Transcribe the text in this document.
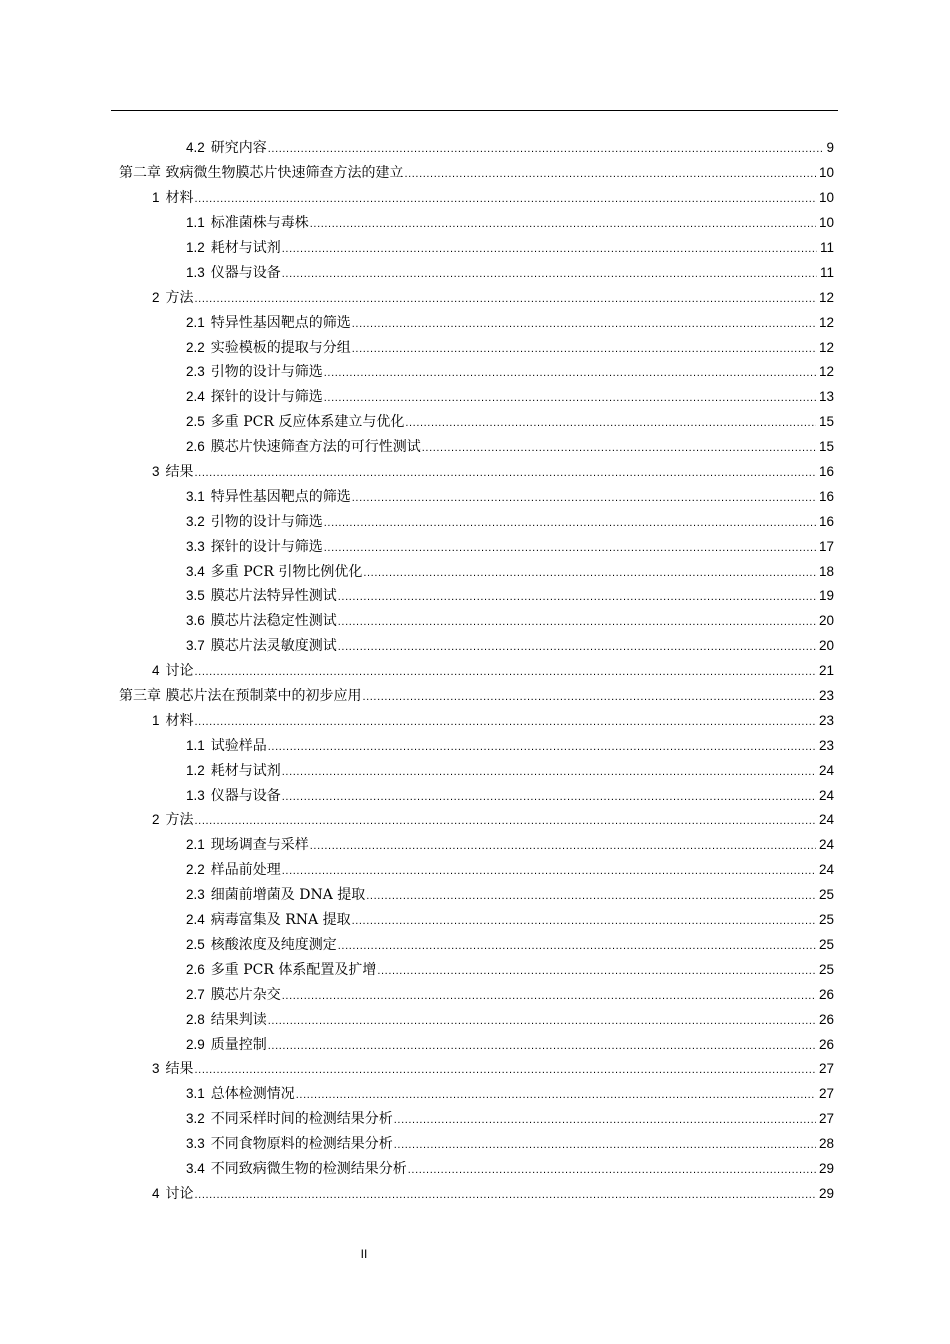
4.2 研究内容 .....	9
第二章 致病微生物膜芯片快速筛查方法的建立 .....	10
1 材料 .....	10
1.1 标准菌株与毒株 .....	10
1.2 耗材与试剂 .....	11
1.3 仪器与设备 .....	11
2 方法 .....	12
2.1 特异性基因靶点的筛选 .....	12
2.2 实验模板的提取与分组 .....	12
2.3 引物的设计与筛选 .....	12
2.4 探针的设计与筛选 .....	13
2.5 多重 PCR 反应体系建立与优化 .....	15
2.6 膜芯片快速筛查方法的可行性测试 .....	15
3 结果 .....	16
3.1 特异性基因靶点的筛选 .....	16
3.2 引物的设计与筛选 .....	16
3.3 探针的设计与筛选 .....	17
3.4 多重 PCR 引物比例优化 .....	18
3.5 膜芯片法特异性测试 .....	19
3.6 膜芯片法稳定性测试 .....	20
3.7 膜芯片法灵敏度测试 .....	20
4 讨论 .....	21
第三章 膜芯片法在预制菜中的初步应用 .....	23
1 材料 .....	23
1.1 试验样品 .....	23
1.2 耗材与试剂 .....	24
1.3 仪器与设备 .....	24
2 方法 .....	24
2.1 现场调查与采样 .....	24
2.2 样品前处理 .....	24
2.3 细菌前增菌及 DNA 提取 .....	25
2.4 病毒富集及 RNA 提取 .....	25
2.5 核酸浓度及纯度测定 .....	25
2.6 多重 PCR 体系配置及扩增 .....	25
2.7 膜芯片杂交 .....	26
2.8 结果判读 .....	26
2.9 质量控制 .....	26
3 结果 .....	27
3.1 总体检测情况 .....	27
3.2 不同采样时间的检测结果分析 .....	27
3.3 不同食物原料的检测结果分析 .....	28
3.4 不同致病微生物的检测结果分析 .....	29
4 讨论 .....	29
II
